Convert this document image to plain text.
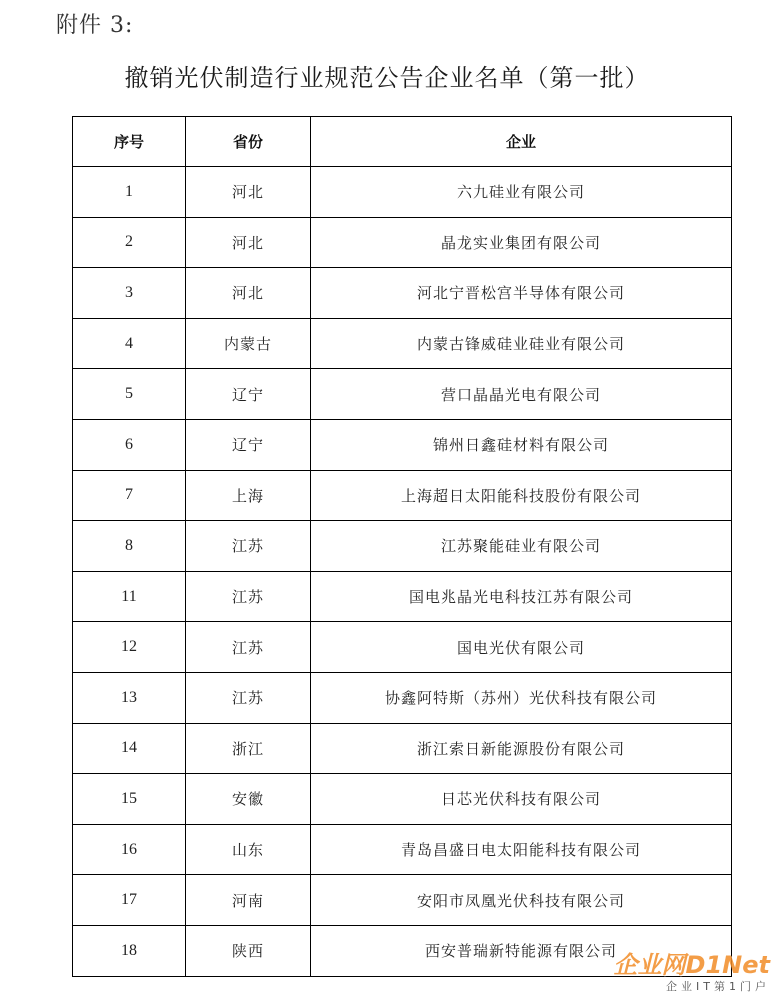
附件 3:
撤销光伏制造行业规范公告企业名单（第一批）
序号	省份	企业
1	河北	六九硅业有限公司
2	河北	晶龙实业集团有限公司
3	河北	河北宁晋松宫半导体有限公司
4	内蒙古	内蒙古锋威硅业硅业有限公司
5	辽宁	营口晶晶光电有限公司
6	辽宁	锦州日鑫硅材料有限公司
7	上海	上海超日太阳能科技股份有限公司
8	江苏	江苏聚能硅业有限公司
11	江苏	国电兆晶光电科技江苏有限公司
12	江苏	国电光伏有限公司
13	江苏	协鑫阿特斯（苏州）光伏科技有限公司
14	浙江	浙江索日新能源股份有限公司
15	安徽	日芯光伏科技有限公司
16	山东	青岛昌盛日电太阳能科技有限公司
17	河南	安阳市凤凰光伏科技有限公司
18	陕西	西安普瑞新特能源有限公司
企业网D1Net
企业IT第1门户
